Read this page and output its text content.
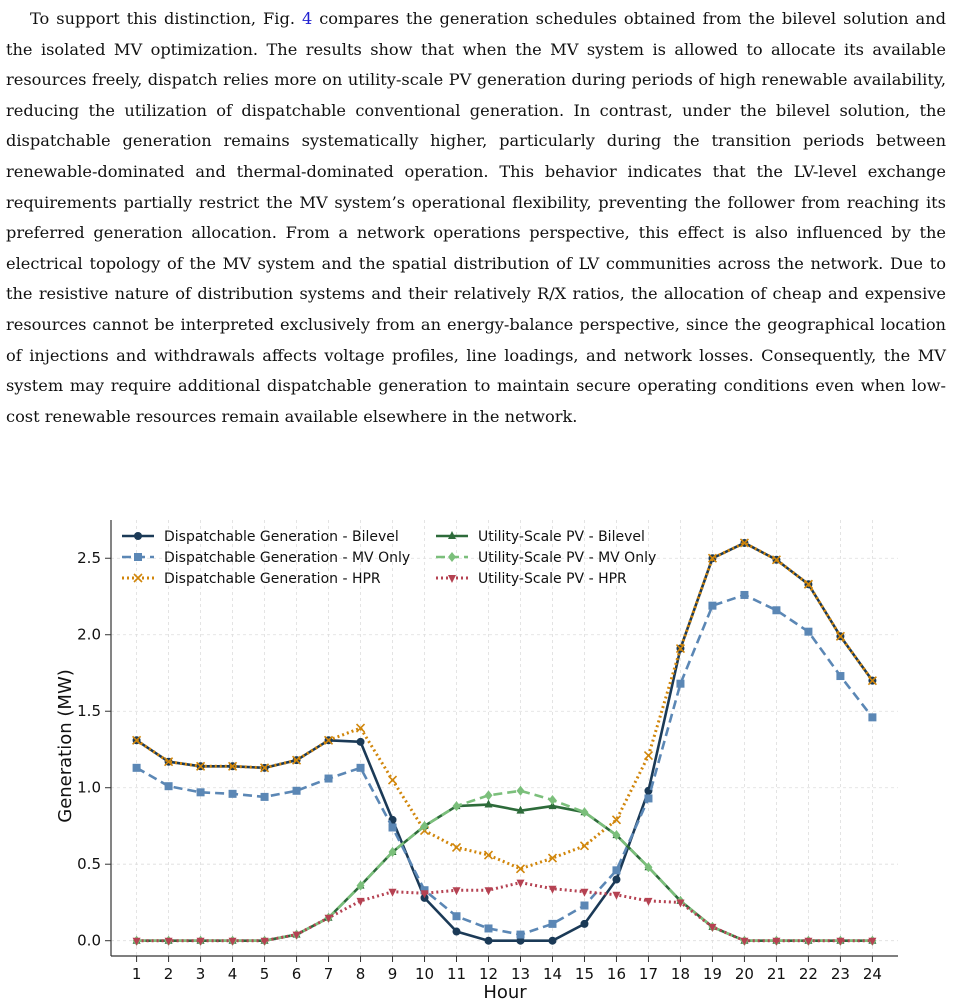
To support this distinction, Fig. 4 compares the generation schedules obtained from the bilevel solution and the isolated MV optimization. The results show that when the MV system is allowed to allocate its available resources freely, dispatch relies more on utility-scale PV generation during periods of high renewable availability, reducing the utilization of dispatchable conventional generation. In contrast, under the bilevel solution, the dispatchable generation remains systematically higher, particularly during the transition periods between renewable-dominated and thermal-dominated operation. This behavior indicates that the LV-level exchange requirements partially restrict the MV system’s operational flexibility, preventing the follower from reaching its preferred generation allocation. From a network operations perspective, this effect is also influenced by the electrical topology of the MV system and the spatial distribution of LV communities across the network. Due to the resistive nature of distribution systems and their relatively R/X ratios, the allocation of cheap and expensive resources cannot be interpreted exclusively from an energy-balance perspective, since the geographical location of injections and withdrawals affects voltage profiles, line loadings, and network losses. Consequently, the MV system may require additional dispatchable generation to maintain secure operating conditions even when low-cost renewable resources remain available elsewhere in the network.

1 2 3 4 5 6 7 8 9 10 11 12 13 14 15 16 17 18 19 20 21 22 23 24
0.0
0.5
1.0
1.5
2.0
2.5
Dispatchable Generation - Bilevel
Dispatchable Generation - MV Only
Dispatchable Generation - HPR
Utility-Scale PV - Bilevel
Utility-Scale PV - MV Only
Utility-Scale PV - HPR
Hour
Generation (MW)
